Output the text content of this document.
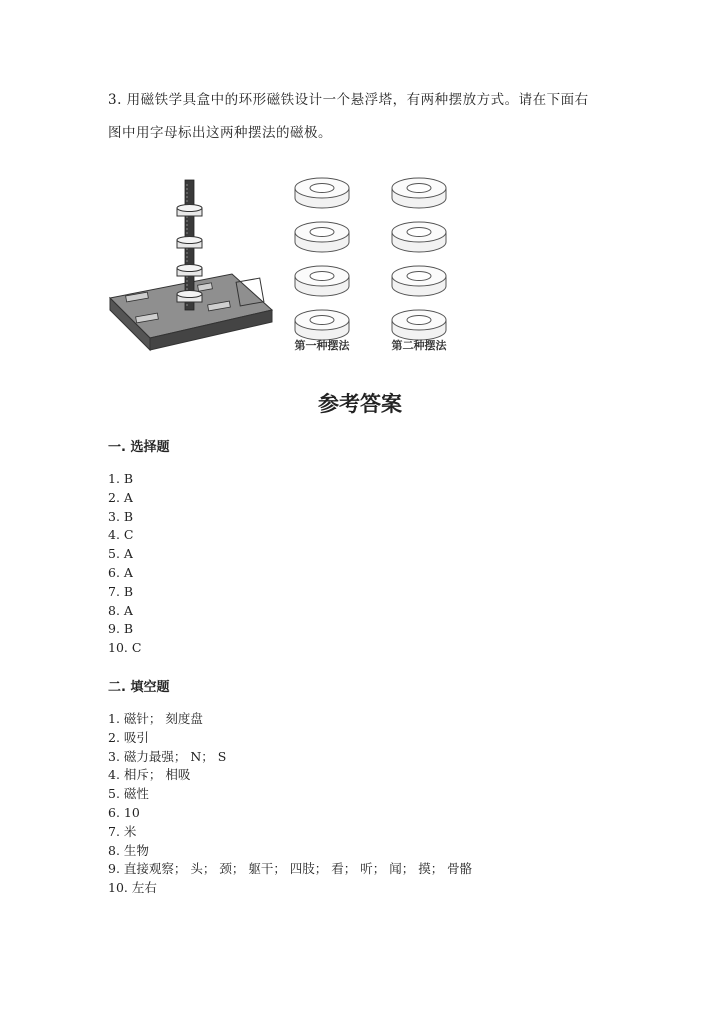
3. 用磁铁学具盒中的环形磁铁设计一个悬浮塔，有两种摆放方式。请在下面右
图中用字母标出这两种摆法的磁极。
第一种摆法	第二种摆法
参考答案
一. 选择题
1. B
2. A
3. B
4. C
5. A
6. A
7. B
8. A
9. B
10. C
二. 填空题
1. 磁针； 刻度盘
2. 吸引
3. 磁力最强； N； S
4. 相斥； 相吸
5. 磁性
6. 10
7. 米
8. 生物
9. 直接观察； 头； 颈； 躯干； 四肢； 看； 听； 闻； 摸； 骨骼
10. 左右
